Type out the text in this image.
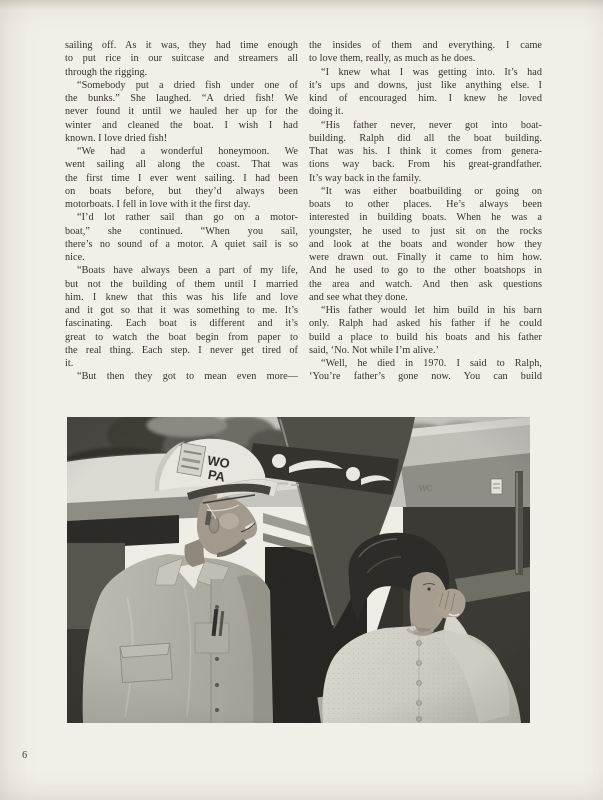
sailing off. As it was, they had time enough
to put rice in our suitcase and streamers all
through the rigging.
“Somebody put a dried fish under one of
the bunks.” She laughed. “A dried fish! We
never found it until we hauled her up for the
winter and cleaned the boat. I wish I had
known. I love dried fish!
“We had a wonderful honeymoon. We
went sailing all along the coast. That was
the first time I ever went sailing. I had been
on boats before, but they’d always been
motorboats. I fell in love with it the first day.
“I’d lot rather sail than go on a motor-
boat,” she continued. “When you sail,
there’s no sound of a motor. A quiet sail is so
nice.
“Boats have always been a part of my life,
but not the building of them until I married
him. I knew that this was his life and love
and it got so that it was something to me. It’s
fascinating. Each boat is different and it’s
great to watch the boat begin from paper to
the real thing. Each step. I never get tired of
it.
“But then they got to mean even more—
the insides of them and everything. I came
to love them, really, as much as he does.
“I knew what I was getting into. It’s had
it’s ups and downs, just like anything else. I
kind of encouraged him. I knew he loved
doing it.
“His father never, never got into boat-
building. Ralph did all the boat building.
That was his. I think it comes from genera-
tions way back. From his great-grandfather.
It’s way back in the family.
“It was either boatbuilding or going on
boats to other places. He’s always been
interested in building boats. When he was a
youngster, he used to just sit on the rocks
and look at the boats and wonder how they
were drawn out. Finally it came to him how.
And he used to go to the other boatshops in
the area and watch. And then ask questions
and see what they done.
“His father would let him build in his barn
only. Ralph had asked his father if he could
build a place to build his boats and his father
said, ‘No. Not while I’m alive.’
“Well, he died in 1970. I said to Ralph,
‘You’re father’s gone now. You can build
6
